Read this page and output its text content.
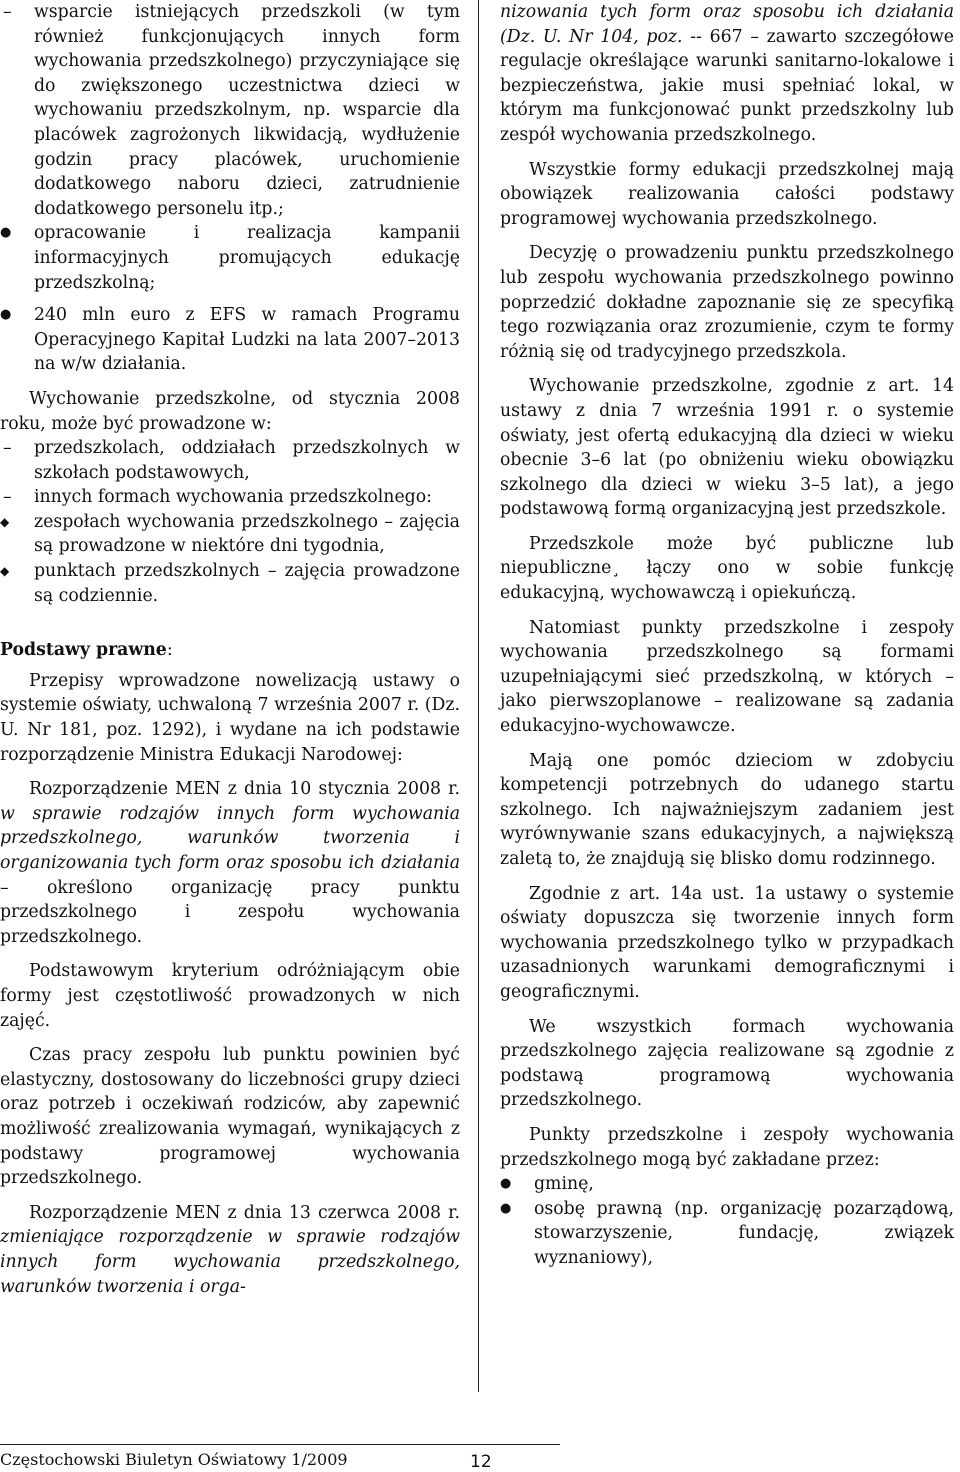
–	wsparcie istniejących przedszkoli (w tym również funkcjonujących innych form wychowania przedszkolnego) przyczyniające się do zwiększonego uczestnictwa dzieci w wychowaniu przedszkolnym, np. wsparcie dla placówek zagrożonych likwidacją, wydłużenie godzin pracy placówek, uruchomienie dodatkowego naboru dzieci, zatrudnienie dodatkowego personelu itp.;
●	opracowanie i realizacja kampanii informacyjnych promujących edukację przedszkolną;
●	240 mln euro z EFS w ramach Programu Operacyjnego Kapitał Ludzki na lata 2007–2013 na w/w działania.

Wychowanie przedszkolne, od stycznia 2008 roku, może być prowadzone w:

–	przedszkolach, oddziałach przedszkolnych w szkołach podstawowych,
–	innych formach wychowania przedszkolnego:
◆ zespołach wychowania przedszkolnego – zajęcia są prowadzone w niektóre dni tygodnia,
◆ punktach przedszkolnych – zajęcia prowadzone są codziennie.

Podstawy prawne:

Przepisy wprowadzone nowelizacją ustawy o systemie oświaty, uchwaloną 7 września 2007 r. (Dz. U. Nr 181, poz. 1292), i wydane na ich podstawie rozporządzenie Ministra Edukacji Narodowej:

Rozporządzenie MEN z dnia 10 stycznia 2008 r. w sprawie rodzajów innych form wychowania przedszkolnego, warunków tworzenia i organizowania tych form oraz sposobu ich działania – określono organizację pracy punktu przedszkolnego i zespołu wychowania przedszkolnego.

Podstawowym kryterium odróżniającym obie formy jest częstotliwość prowadzonych w nich zajęć.

Czas pracy zespołu lub punktu powinien być elastyczny, dostosowany do liczebności grupy dzieci oraz potrzeb i oczekiwań rodziców, aby zapewnić możliwość zrealizowania wymagań, wynikających z podstawy programowej wychowania przedszkolnego.

Rozporządzenie MEN z dnia 13 czerwca 2008 r. zmieniające rozporządzenie w sprawie rodzajów innych form wychowania przedszkolnego, warunków tworzenia i orga-

nizowania tych form oraz sposobu ich działania (Dz. U. Nr 104, poz. -- 667 – zawarto szczegółowe regulacje określające warunki sanitarno-lokalowe i bezpieczeństwa, jakie musi spełniać lokal, w którym ma funkcjonować punkt przedszkolny lub zespół wychowania przedszkolnego.

Wszystkie formy edukacji przedszkolnej mają obowiązek realizowania całości podstawy programowej wychowania przedszkolnego.

Decyzję o prowadzeniu punktu przedszkolnego lub zespołu wychowania przedszkolnego powinno poprzedzić dokładne zapoznanie się ze specyfiką tego rozwiązania oraz zrozumienie, czym te formy różnią się od tradycyjnego przedszkola.

Wychowanie przedszkolne, zgodnie z art. 14 ustawy z dnia 7 września 1991 r. o systemie oświaty, jest ofertą edukacyjną dla dzieci w wieku obecnie 3–6 lat (po obniżeniu wieku obowiązku szkolnego dla dzieci w wieku 3–5 lat), a jego podstawową formą organizacyjną jest przedszkole.

Przedszkole może być publiczne lub niepubliczne¸ łączy ono w sobie funkcję edukacyjną, wychowawczą i opiekuńczą.

Natomiast punkty przedszkolne i zespoły wychowania przedszkolnego są formami uzupełniającymi sieć przedszkolną, w których – jako pierwszoplanowe – realizowane są zadania edukacyjno-wychowawcze.

Mają one pomóc dzieciom w zdobyciu kompetencji potrzebnych do udanego startu szkolnego. Ich najważniejszym zadaniem jest wyrównywanie szans edukacyjnych, a największą zaletą to, że znajdują się blisko domu rodzinnego.

Zgodnie z art. 14a ust. 1a ustawy o systemie oświaty dopuszcza się tworzenie innych form wychowania przedszkolnego tylko w przypadkach uzasadnionych warunkami demograficznymi i geograficznymi.

We wszystkich formach wychowania przedszkolnego zajęcia realizowane są zgodnie z podstawą programową wychowania przedszkolnego.

Punkty przedszkolne i zespoły wychowania przedszkolnego mogą być zakładane przez:

●	gminę,
●	osobę prawną (np. organizację pozarządową, stowarzyszenie, fundację, związek wyznaniowy),
Częstochowski Biuletyn Oświatowy 1/2009	12
